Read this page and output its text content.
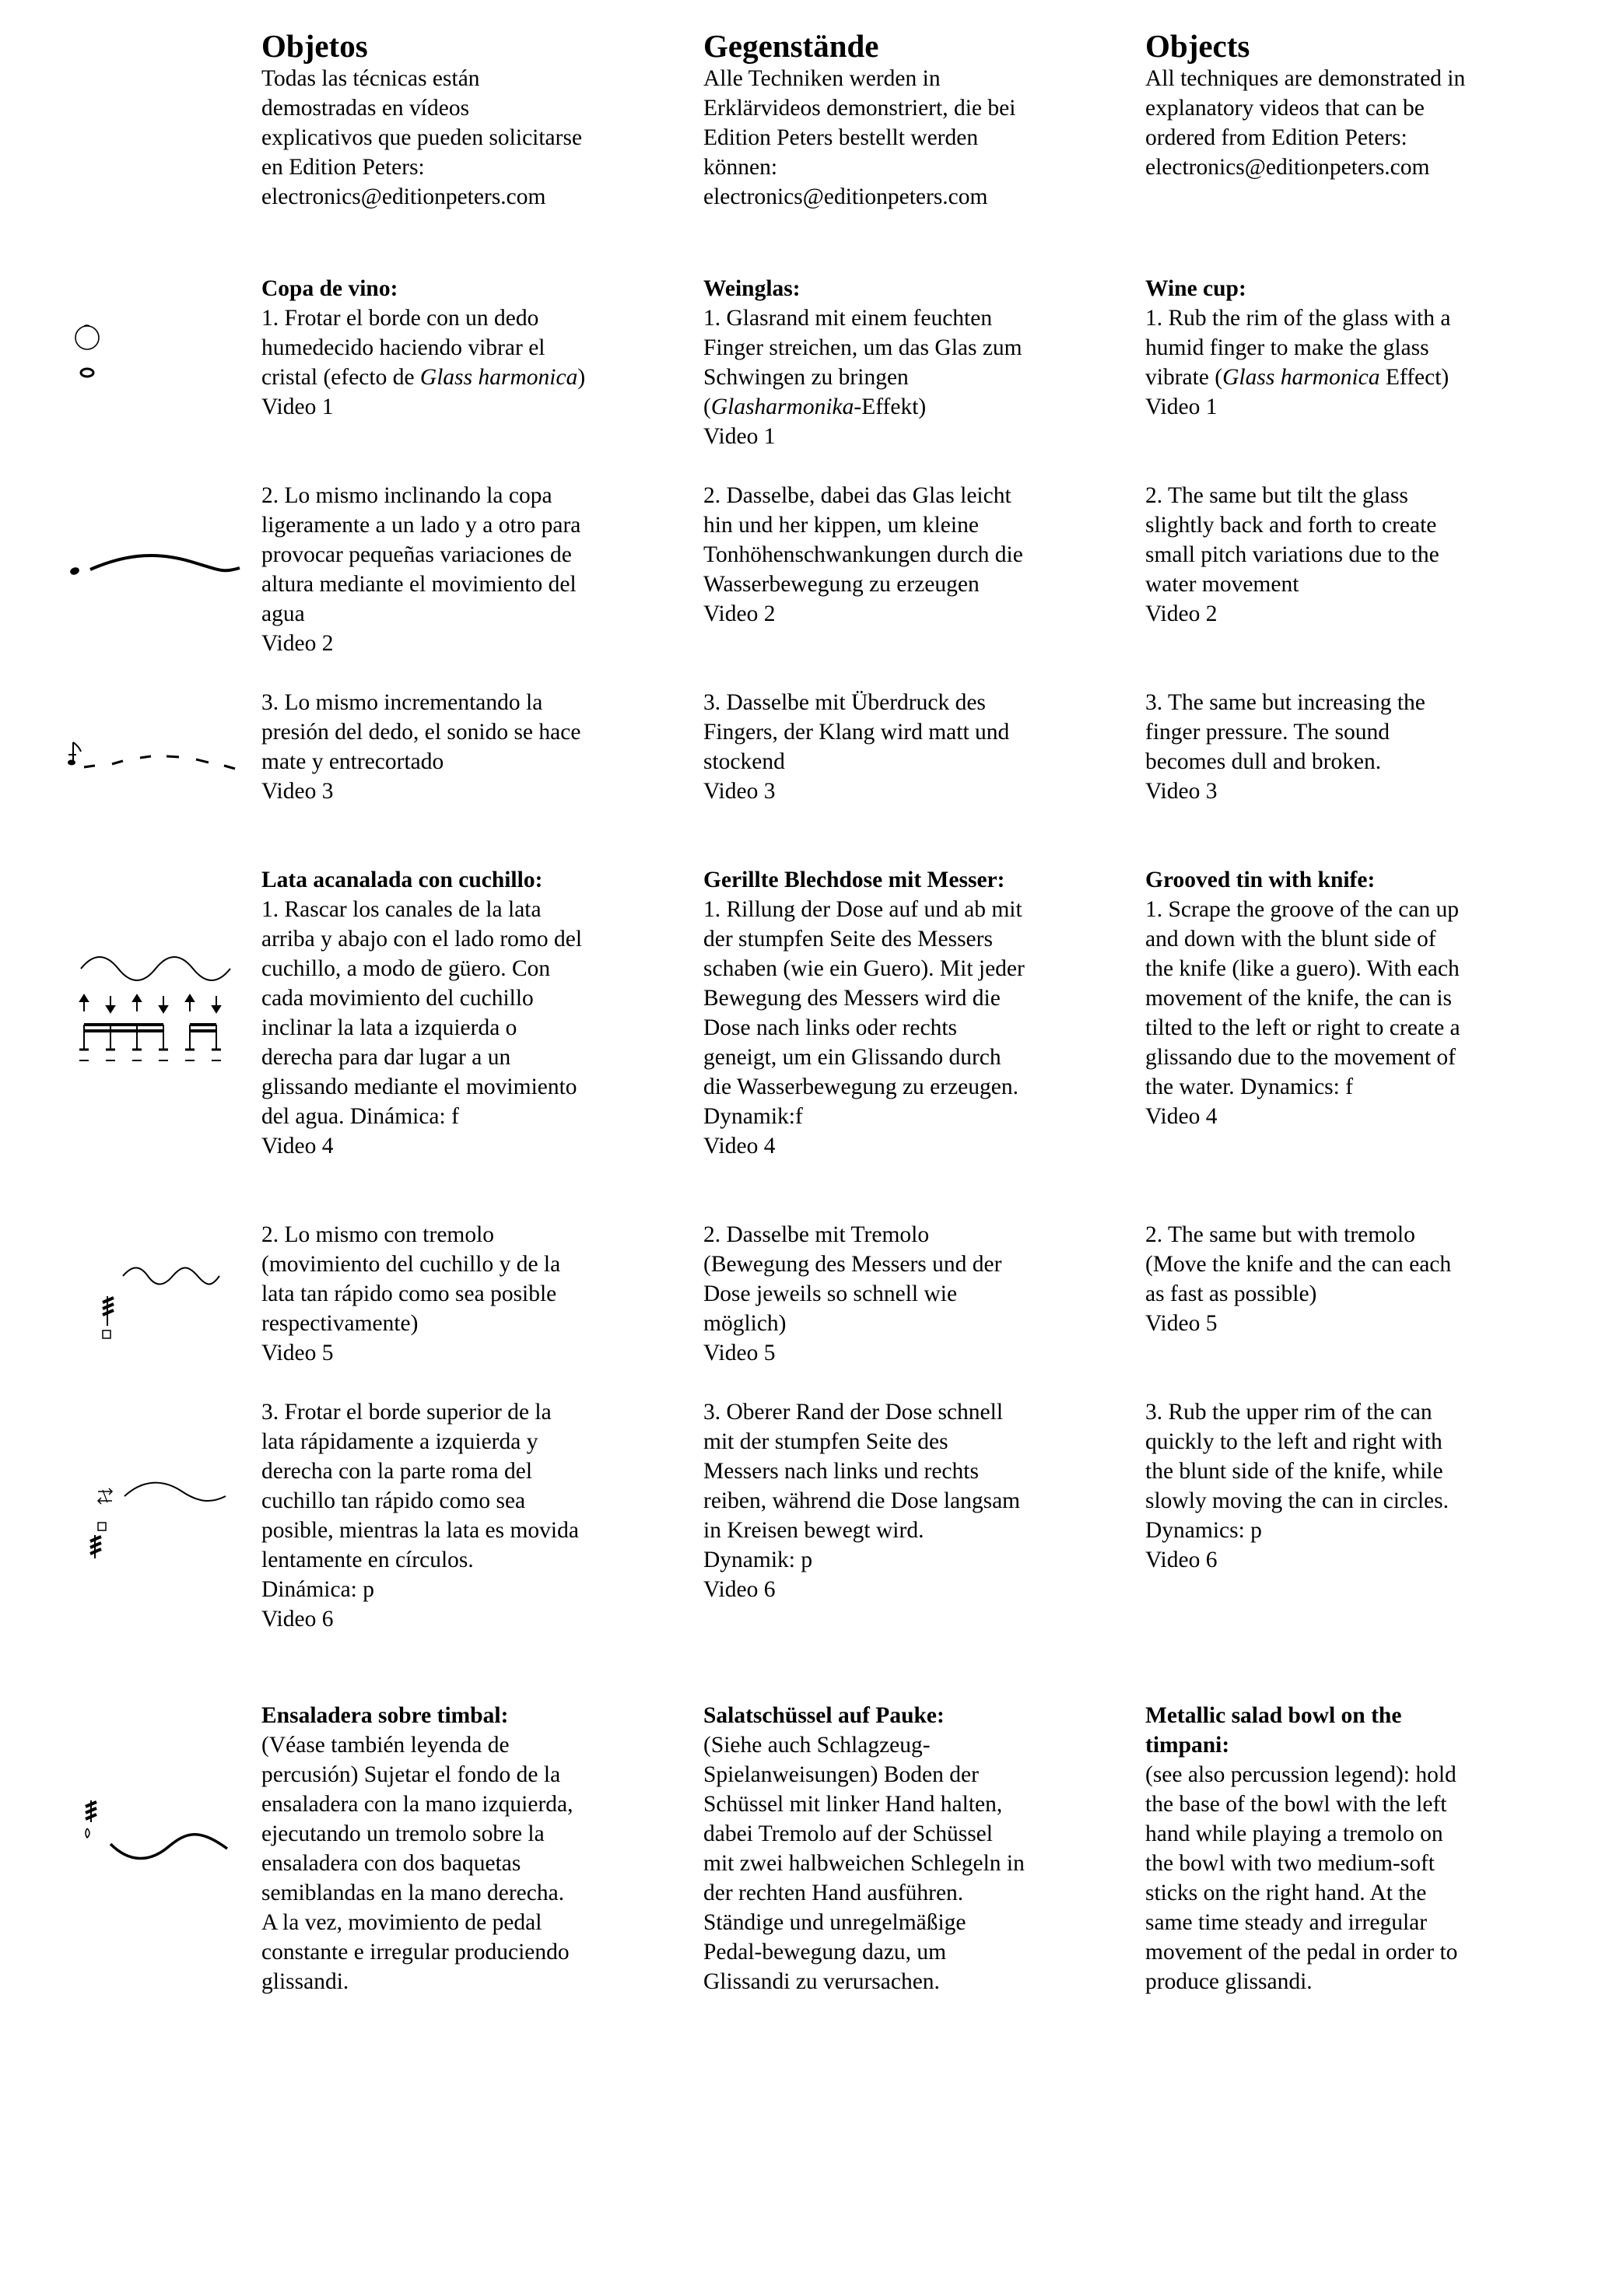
Objetos
Todas las técnicas están
demostradas en vídeos
explicativos que pueden solicitarse
en Edition Peters:
electronics@editionpeters.com
Gegenstände
Alle Techniken werden in
Erklärvideos demonstriert, die bei
Edition Peters bestellt werden
können:
electronics@editionpeters.com
Objects
All techniques are demonstrated in
explanatory videos that can be
ordered from Edition Peters:
electronics@editionpeters.com
Copa de vino:
1. Frotar el borde con un dedo
humedecido haciendo vibrar el
cristal (efecto de Glass harmonica)
Video 1
2. Lo mismo inclinando la copa
ligeramente a un lado y a otro para
provocar pequeñas variaciones de
altura mediante el movimiento del
agua
Video 2
3. Lo mismo incrementando la
presión del dedo, el sonido se hace
mate y entrecortado
Video 3
Weinglas:
1. Glasrand mit einem feuchten
Finger streichen, um das Glas zum
Schwingen zu bringen
(Glasharmonika-Effekt)
Video 1
2. Dasselbe, dabei das Glas leicht
hin und her kippen, um kleine
Tonhöhenschwankungen durch die
Wasserbewegung zu erzeugen
Video 2
3. Dasselbe mit Überdruck des
Fingers, der Klang wird matt und
stockend
Video 3
Wine cup:
1. Rub the rim of the glass with a
humid finger to make the glass
vibrate (Glass harmonica Effect)
Video 1
2. The same but tilt the glass
slightly back and forth to create
small pitch variations due to the
water movement
Video 2
3. The same but increasing the
finger pressure. The sound
becomes dull and broken.
Video 3
Lata acanalada con cuchillo:
1. Rascar los canales de la lata
arriba y abajo con el lado romo del
cuchillo, a modo de güero. Con
cada movimiento del cuchillo
inclinar la lata a izquierda o
derecha para dar lugar a un
glissando mediante el movimiento
del agua. Dinámica: f
Video 4
2. Lo mismo con tremolo
(movimiento del cuchillo y de la
lata tan rápido como sea posible
respectivamente)
Video 5
3. Frotar el borde superior de la
lata rápidamente a izquierda y
derecha con la parte roma del
cuchillo tan rápido como sea
posible, mientras la lata es movida
lentamente en círculos.
Dinámica: p
Video 6
Gerillte Blechdose mit Messer:
1. Rillung der Dose auf und ab mit
der stumpfen Seite des Messers
schaben (wie ein Guero). Mit jeder
Bewegung des Messers wird die
Dose nach links oder rechts
geneigt, um ein Glissando durch
die Wasserbewegung zu erzeugen.
Dynamik:f
Video 4
2. Dasselbe mit Tremolo
(Bewegung des Messers und der
Dose jeweils so schnell wie
möglich)
Video 5
3. Oberer Rand der Dose schnell
mit der stumpfen Seite des
Messers nach links und rechts
reiben, während die Dose langsam
in Kreisen bewegt wird.
Dynamik: p
Video 6
Grooved tin with knife:
1. Scrape the groove of the can up
and down with the blunt side of
the knife (like a guero). With each
movement of the knife, the can is
tilted to the left or right to create a
glissando due to the movement of
the water. Dynamics: f
Video 4
2. The same but with tremolo
(Move the knife and the can each
as fast as possible)
Video 5
3. Rub the upper rim of the can
quickly to the left and right with
the blunt side of the knife, while
slowly moving the can in circles.
Dynamics: p
Video 6
Ensaladera sobre timbal:
(Véase también leyenda de
percusión) Sujetar el fondo de la
ensaladera con la mano izquierda,
ejecutando un tremolo sobre la
ensaladera con dos baquetas
semiblandas en la mano derecha.
A la vez, movimiento de pedal
constante e irregular produciendo
glissandi.
Salatschüssel auf Pauke:
(Siehe auch Schlagzeug-
Spielanweisungen) Boden der
Schüssel mit linker Hand halten,
dabei Tremolo auf der Schüssel
mit zwei halbweichen Schlegeln in
der rechten Hand ausführen.
Ständige und unregelmäßige
Pedal-bewegung dazu, um
Glissandi zu verursachen.
Metallic salad bowl on the
timpani:
(see also percussion legend): hold
the base of the bowl with the left
hand while playing a tremolo on
the bowl with two medium-soft
sticks on the right hand. At the
same time steady and irregular
movement of the pedal in order to
produce glissandi.
